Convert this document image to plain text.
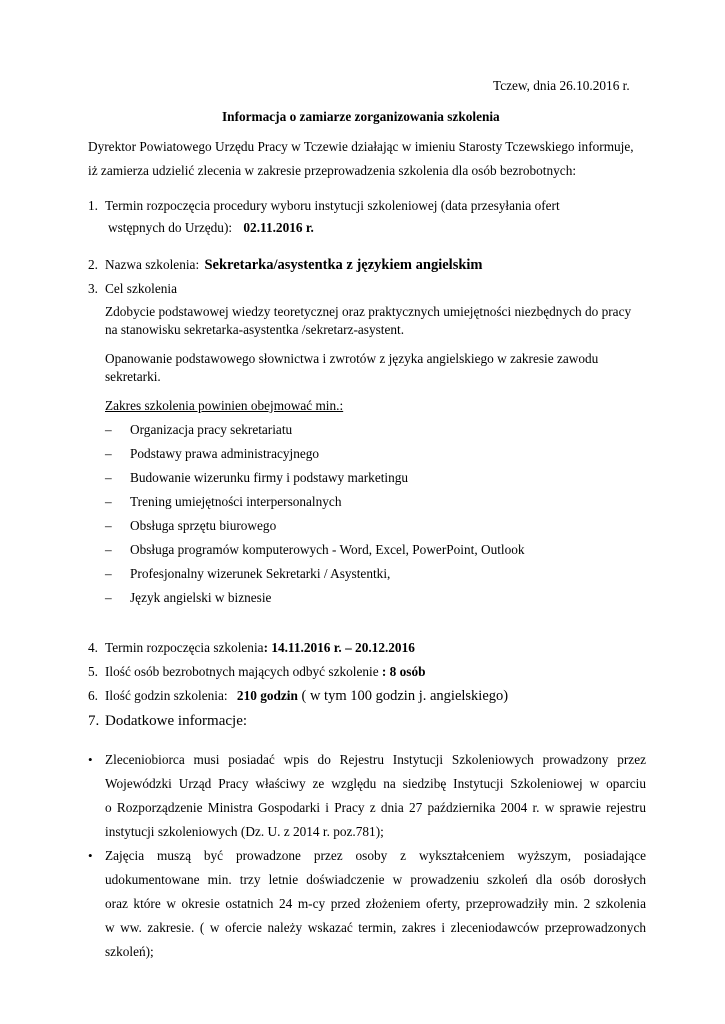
Tczew, dnia 26.10.2016 r.
Informacja o zamiarze zorganizowania szkolenia
Dyrektor Powiatowego Urzędu Pracy w Tczewie działając w imieniu Starosty Tczewskiego informuje,
iż zamierza udzielić zlecenia w zakresie przeprowadzenia szkolenia dla osób bezrobotnych:
1. Termin rozpoczęcia procedury wyboru instytucji szkoleniowej (data przesyłania ofert
wstępnych do Urzędu): 02.11.2016 r.
2. Nazwa szkolenia: Sekretarka/asystentka z językiem angielskim
3. Cel szkolenia
Zdobycie podstawowej wiedzy teoretycznej oraz praktycznych umiejętności niezbędnych do pracy
na stanowisku sekretarka-asystentka /sekretarz-asystent.
Opanowanie podstawowego słownictwa i zwrotów z języka angielskiego w zakresie zawodu
sekretarki.
Zakres szkolenia powinien obejmować min.:
– Organizacja pracy sekretariatu
– Podstawy prawa administracyjnego
– Budowanie wizerunku firmy i podstawy marketingu
– Trening umiejętności interpersonalnych
– Obsługa sprzętu biurowego
– Obsługa programów komputerowych - Word, Excel, PowerPoint, Outlook
– Profesjonalny wizerunek Sekretarki / Asystentki,
– Język angielski w biznesie
4. Termin rozpoczęcia szkolenia: 14.11.2016 r. – 20.12.2016
5. Ilość osób bezrobotnych mających odbyć szkolenie : 8 osób
6. Ilość godzin szkolenia: 210 godzin ( w tym 100 godzin j. angielskiego)
7. Dodatkowe informacje:
• Zleceniobiorca musi posiadać wpis do Rejestru Instytucji Szkoleniowych prowadzony przez
Wojewódzki Urząd Pracy właściwy ze względu na siedzibę Instytucji Szkoleniowej w oparciu
o Rozporządzenie Ministra Gospodarki i Pracy z dnia 27 października 2004 r. w sprawie rejestru
instytucji szkoleniowych (Dz. U. z 2014 r. poz.781);
• Zajęcia muszą być prowadzone przez osoby z wykształceniem wyższym, posiadające
udokumentowane min. trzy letnie doświadczenie w prowadzeniu szkoleń dla osób dorosłych
oraz które w okresie ostatnich 24 m-cy przed złożeniem oferty, przeprowadziły min. 2 szkolenia
w ww. zakresie. ( w ofercie należy wskazać termin, zakres i zleceniodawców przeprowadzonych
szkoleń);
